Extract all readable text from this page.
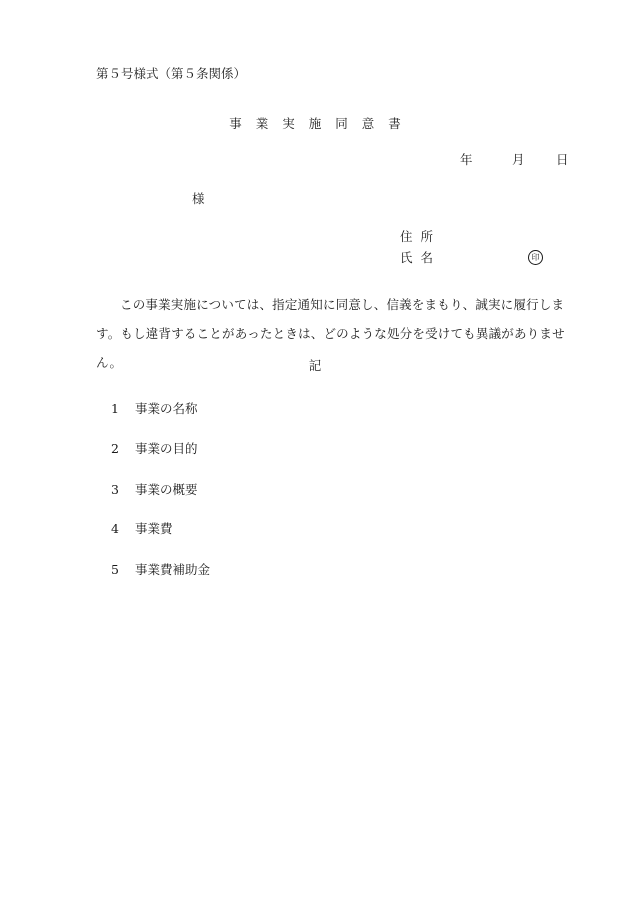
第５号様式（第５条関係）
事業実施同意書
年	月	日
様
住所
氏名	印
この事業実施については、指定通知に同意し、信義をまもり、誠実に履行します。もし違背することがあったときは、どのような処分を受けても異議がありません。	記
1 事業の名称
2 事業の目的
3 事業の概要
4 事業費
5 事業費補助金
